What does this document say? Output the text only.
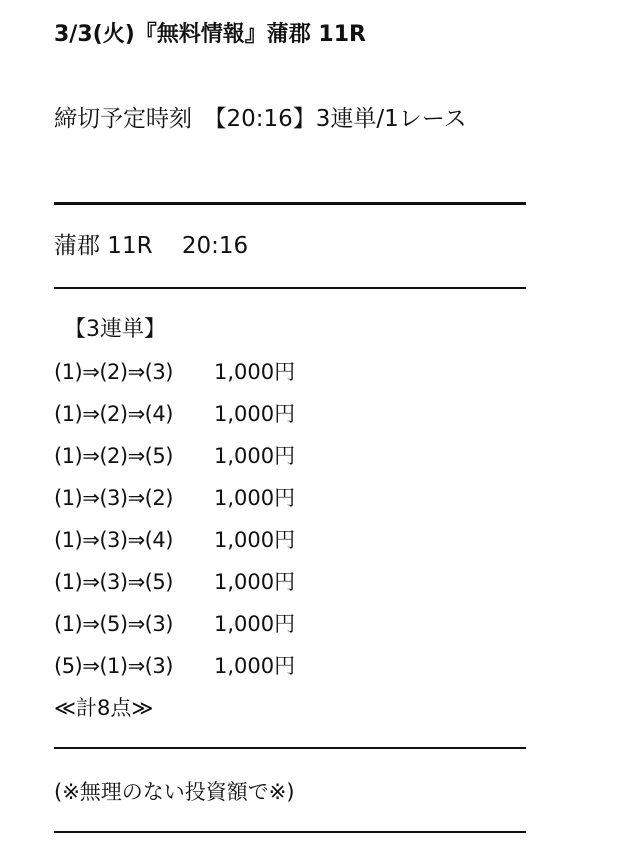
3/3(火)『無料情報』蒲郡 11R
締切予定時刻　【20:16】3連単/1レース
蒲郡 11R 20:16
【3連単】
(1)⇒(2)⇒(3) 1,000円
(1)⇒(2)⇒(4) 1,000円
(1)⇒(2)⇒(5) 1,000円
(1)⇒(3)⇒(2) 1,000円
(1)⇒(3)⇒(4) 1,000円
(1)⇒(3)⇒(5) 1,000円
(1)⇒(5)⇒(3) 1,000円
(5)⇒(1)⇒(3) 1,000円
≪計8点≫
(※無理のない投資額で※)
